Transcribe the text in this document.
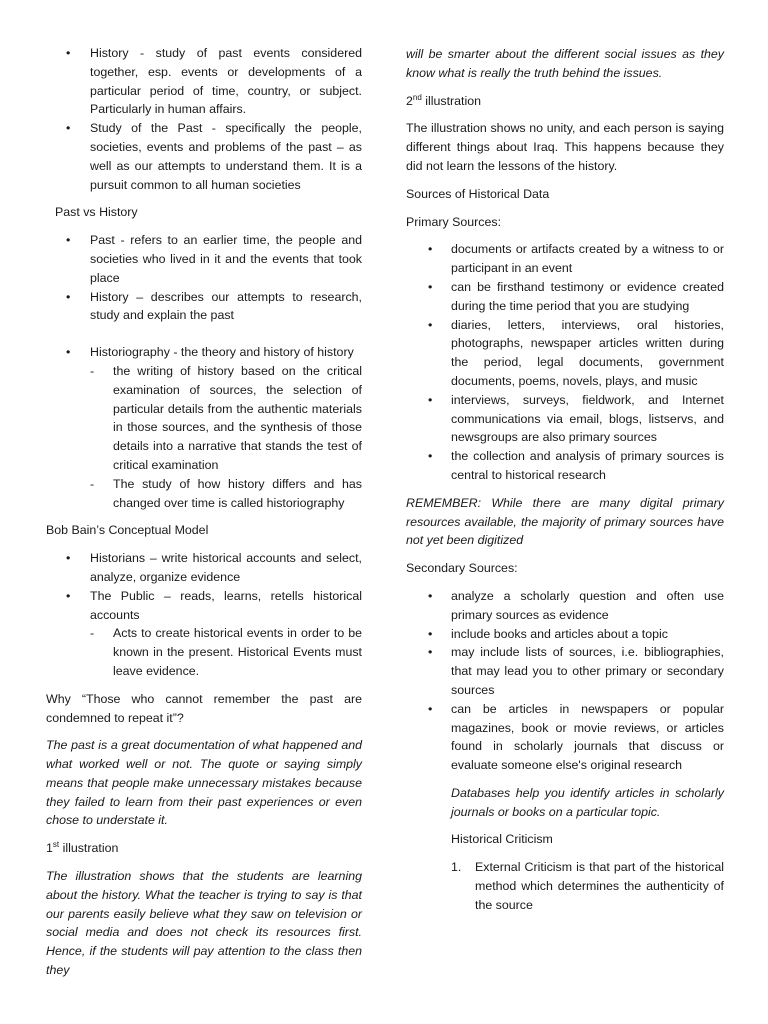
• History - study of past events considered together, esp. events or developments of a particular period of time, country, or subject. Particularly in human affairs.
• Study of the Past - specifically the people, societies, events and problems of the past – as well as our attempts to understand them. It is a pursuit common to all human societies

Past vs History

• Past - refers to an earlier time, the people and societies who lived in it and the events that took place
• History – describes our attempts to research, study and explain the past
• Historiography - the theory and history of history
- the writing of history based on the critical examination of sources, the selection of particular details from the authentic materials in those sources, and the synthesis of those details into a narrative that stands the test of critical examination
- The study of how history differs and has changed over time is called historiography

Bob Bain’s Conceptual Model

• Historians – write historical accounts and select, analyze, organize evidence
• The Public – reads, learns, retells historical accounts
- Acts to create historical events in order to be known in the present. Historical Events must leave evidence.

Why “Those who cannot remember the past are condemned to repeat it”?

The past is a great documentation of what happened and what worked well or not. The quote or saying simply means that people make unnecessary mistakes because they failed to learn from their past experiences or even chose to understate it.

1st illustration

The illustration shows that the students are learning about the history. What the teacher is trying to say is that our parents easily believe what they saw on television or social media and does not check its resources first. Hence, if the students will pay attention to the class then they

will be smarter about the different social issues as they know what is really the truth behind the issues.

2nd illustration

The illustration shows no unity, and each person is saying different things about Iraq. This happens because they did not learn the lessons of the history.

Sources of Historical Data

Primary Sources:

• documents or artifacts created by a witness to or participant in an event
• can be firsthand testimony or evidence created during the time period that you are studying
• diaries, letters, interviews, oral histories, photographs, newspaper articles written during the period, legal documents, government documents, poems, novels, plays, and music
• interviews, surveys, fieldwork, and Internet communications via email, blogs, listservs, and newsgroups are also primary sources
• the collection and analysis of primary sources is central to historical research

REMEMBER: While there are many digital primary resources available, the majority of primary sources have not yet been digitized

Secondary Sources:

• analyze a scholarly question and often use primary sources as evidence
• include books and articles about a topic
• may include lists of sources, i.e. bibliographies, that may lead you to other primary or secondary sources
• can be articles in newspapers or popular magazines, book or movie reviews, or articles found in scholarly journals that discuss or evaluate someone else's original research

Databases help you identify articles in scholarly journals or books on a particular topic.

Historical Criticism

1. External Criticism is that part of the historical method which determines the authenticity of the source
